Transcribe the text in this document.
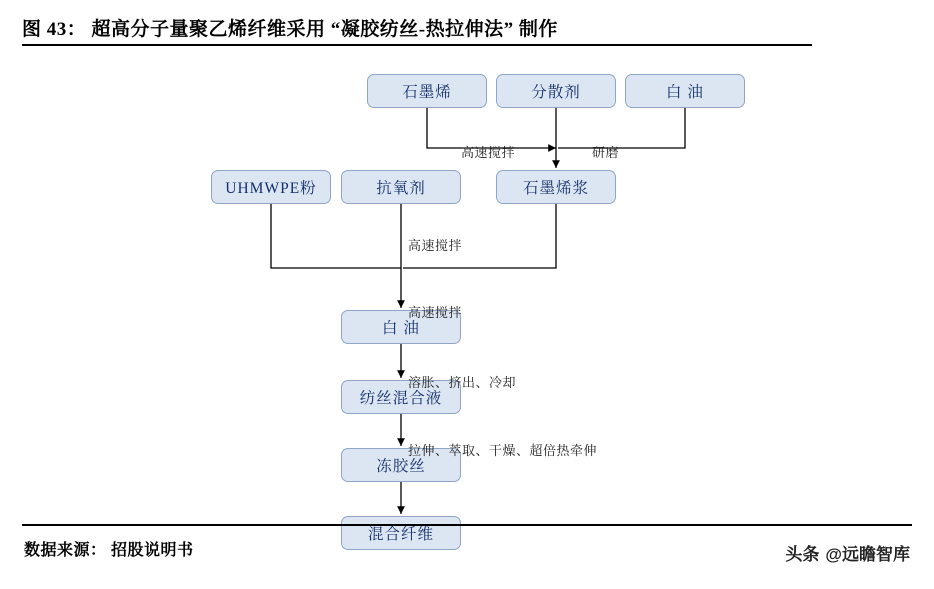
图 43： 超高分子量聚乙烯纤维采用 “凝胶纺丝-热拉伸法” 制作
石墨烯	分散剂	白 油
UHMWPE粉	抗氧剂	石墨烯浆
白 油
纺丝混合液
冻胶丝
混合纤维
高速搅拌	研磨
高速搅拌
高速搅拌
溶胀、挤出、冷却
拉伸、萃取、干燥、超倍热牵伸
数据来源： 招股说明书	头条 @远瞻智库
